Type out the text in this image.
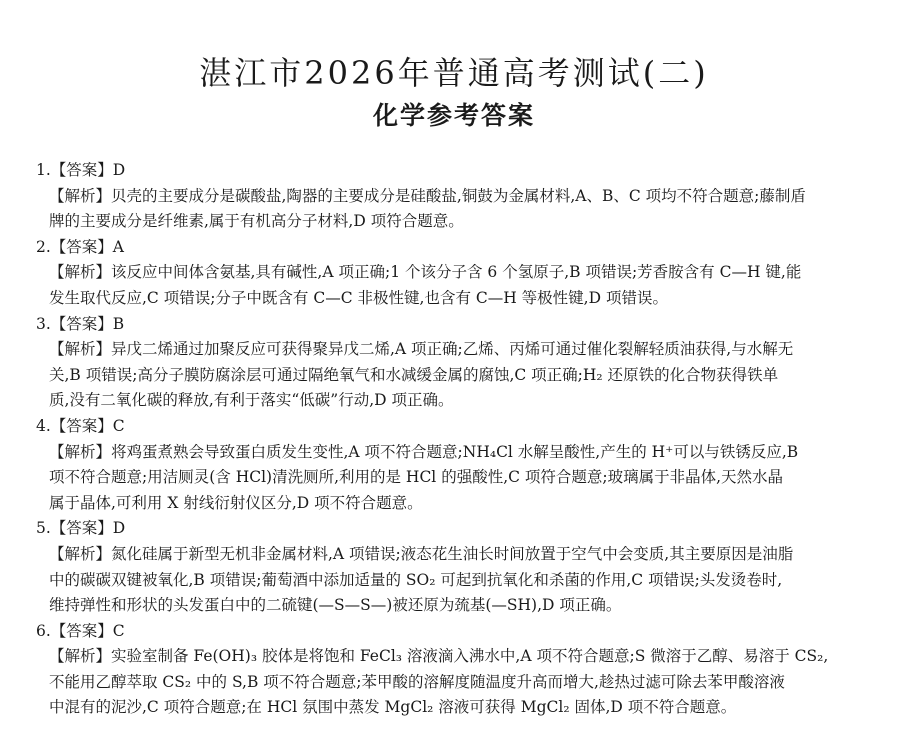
湛江市2026年普通高考测试(二)
化学参考答案
1.【答案】D
【解析】贝壳的主要成分是碳酸盐,陶器的主要成分是硅酸盐,铜鼓为金属材料,A、B、C 项均不符合题意;藤制盾
牌的主要成分是纤维素,属于有机高分子材料,D 项符合题意。
2.【答案】A
【解析】该反应中间体含氨基,具有碱性,A 项正确;1 个该分子含 6 个氢原子,B 项错误;芳香胺含有 C—H 键,能
发生取代反应,C 项错误;分子中既含有 C—C 非极性键,也含有 C—H 等极性键,D 项错误。
3.【答案】B
【解析】异戊二烯通过加聚反应可获得聚异戊二烯,A 项正确;乙烯、丙烯可通过催化裂解轻质油获得,与水解无
关,B 项错误;高分子膜防腐涂层可通过隔绝氧气和水减缓金属的腐蚀,C 项正确;H₂ 还原铁的化合物获得铁单
质,没有二氧化碳的释放,有利于落实“低碳”行动,D 项正确。
4.【答案】C
【解析】将鸡蛋煮熟会导致蛋白质发生变性,A 项不符合题意;NH₄Cl 水解呈酸性,产生的 H⁺可以与铁锈反应,B
项不符合题意;用洁厕灵(含 HCl)清洗厕所,利用的是 HCl 的强酸性,C 项符合题意;玻璃属于非晶体,天然水晶
属于晶体,可利用 X 射线衍射仪区分,D 项不符合题意。
5.【答案】D
【解析】氮化硅属于新型无机非金属材料,A 项错误;液态花生油长时间放置于空气中会变质,其主要原因是油脂
中的碳碳双键被氧化,B 项错误;葡萄酒中添加适量的 SO₂ 可起到抗氧化和杀菌的作用,C 项错误;头发烫卷时,
维持弹性和形状的头发蛋白中的二硫键(—S—S—)被还原为巯基(—SH),D 项正确。
6.【答案】C
【解析】实验室制备 Fe(OH)₃ 胶体是将饱和 FeCl₃ 溶液滴入沸水中,A 项不符合题意;S 微溶于乙醇、易溶于 CS₂,
不能用乙醇萃取 CS₂ 中的 S,B 项不符合题意;苯甲酸的溶解度随温度升高而增大,趁热过滤可除去苯甲酸溶液
中混有的泥沙,C 项符合题意;在 HCl 氛围中蒸发 MgCl₂ 溶液可获得 MgCl₂ 固体,D 项不符合题意。
